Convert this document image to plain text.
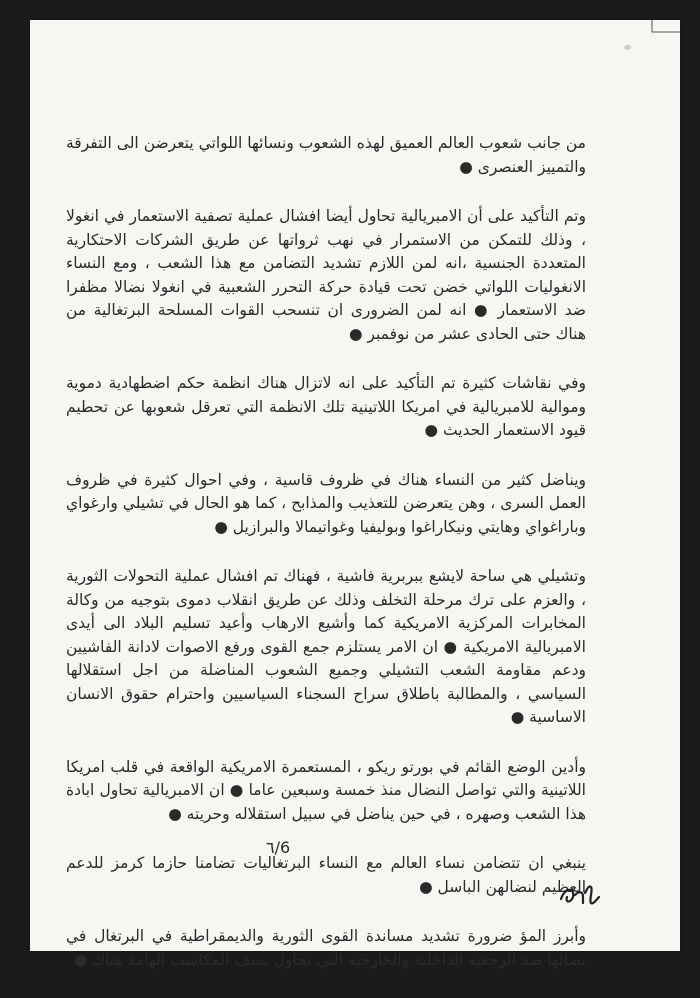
من جانب شعوب العالم العميق لهذه الشعوب ونسائها اللواتي يتعرضن الى التفرقة والتمييز العنصرى ●

وتم التأكيد على أن الامبريالية تحاول أيضا افشال عملية تصفية الاستعمار في انغولا ، وذلك للتمكن من الاستمرار في نهب ثرواتها عن طريق الشركات الاحتكارية المتعددة الجنسية ،انه لمن اللازم تشديد التضامن مع هذا الشعب ، ومع النساء الانغوليات اللواتي خضن تحت قيادة حركة التحرر الشعبية في انغولا نضالا مظفرا ضد الاستعمار ● انه لمن الضرورى ان تنسحب القوات المسلحة البرتغالية من هناك حتى الحادى عشر من نوفمبر ●

وفي نقاشات كثيرة تم التأكيد على انه لاتزال هناك انظمة حكم اضطهادية دموية وموالية للامبريالية في امريكا اللاتينية تلك الانظمة التي تعرقل شعوبها عن تحطيم قيود الاستعمار الحديث ●

ويناضل كثير من النساء هناك في ظروف قاسية ، وفي احوال كثيرة في ظروف العمل السرى ، وهن يتعرضن للتعذيب والمذابح ، كما هو الحال في تشيلي وارغواي وباراغواي وهايتي ونيكاراغوا وبوليفيا وغواتيمالا والبرازيل ●

وتشيلي هي ساحة لايشع ببربرية فاشية ، فهناك تم افشال عملية التحولات الثورية ، والعزم على ترك مرحلة التخلف وذلك عن طريق انقلاب دموى بتوجيه من وكالة المخابرات المركزية الامريكية كما وأشيع الارهاب وأعيد تسليم البلاد الى أيدى الامبريالية الامريكية ● ان الامر يستلزم جمع القوى ورفع الاصوات لادانة الفاشيين ودعم مقاومة الشعب التشيلي وجميع الشعوب المناضلة من اجل استقلالها السياسي ، والمطالبة باطلاق سراح السجناء السياسيين واحترام حقوق الانسان الاساسية ●

وأدين الوضع القائم في بورتو ريكو ، المستعمرة الامريكية الواقعة في قلب امريكا اللاتينية والتي تواصل النضال منذ خمسة وسبعين عاما ● ان الامبريالية تحاول ابادة هذا الشعب وصهره ، في حين يناضل في سبيل استقلاله وحريته ●

ينبغي ان تتضامن نساء العالم مع النساء البرتغاليات تضامنا حازما كرمز للدعم العظيم لنضالهن الباسل ●

وأبرز المؤ ضرورة تشديد مساندة القوى الثورية والديمقراطية في البرتغال في نضالها ضد الرجعية الداخلية والخارجية التي تحاول نسف المكاسب الهامة هناك ●

٦/6
